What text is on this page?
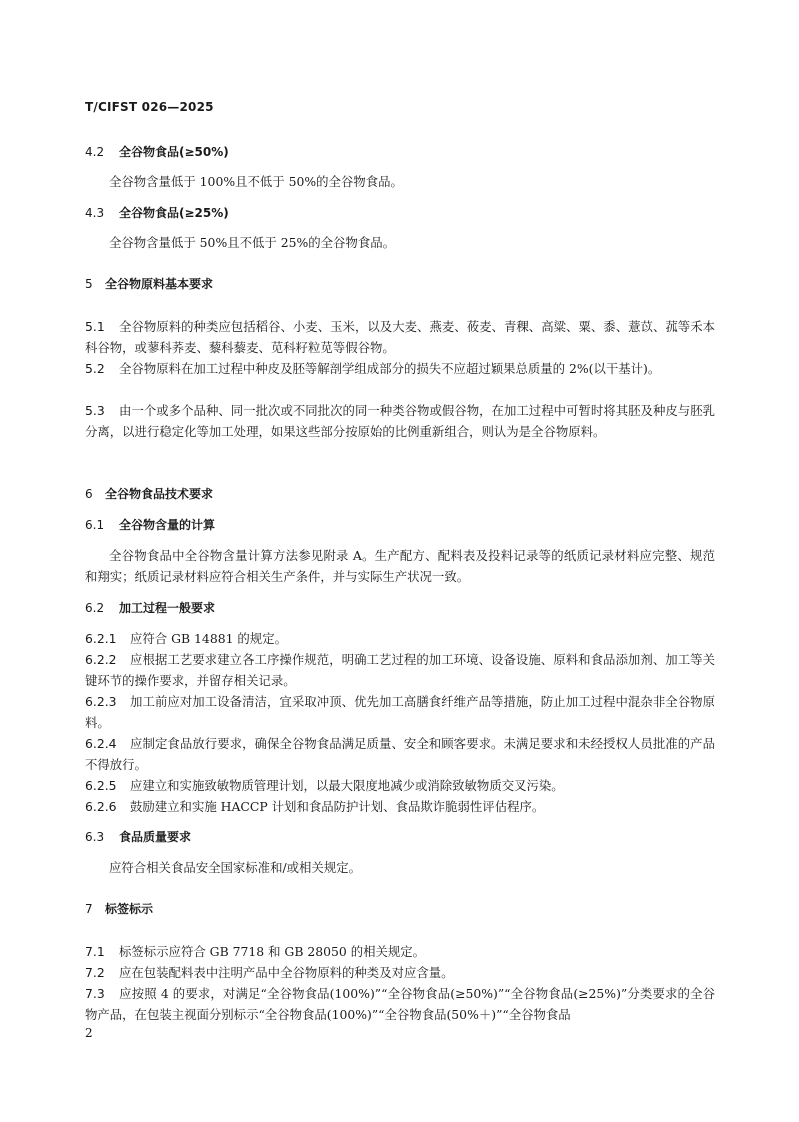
T/CIFST 026—2025
4.2 全谷物食品(≥50%)
全谷物含量低于 100%且不低于 50%的全谷物食品。
4.3 全谷物食品(≥25%)
全谷物含量低于 50%且不低于 25%的全谷物食品。
5 全谷物原料基本要求
5.1 全谷物原料的种类应包括稻谷、小麦、玉米，以及大麦、燕麦、莜麦、青稞、高粱、粟、黍、薏苡、菰等禾本科谷物，或蓼科荞麦、藜科藜麦、苋科籽粒苋等假谷物。
5.2 全谷物原料在加工过程中种皮及胚等解剖学组成部分的损失不应超过颖果总质量的 2%(以干基计)。
5.3 由一个或多个品种、同一批次或不同批次的同一种类谷物或假谷物，在加工过程中可暂时将其胚及种皮与胚乳分离，以进行稳定化等加工处理，如果这些部分按原始的比例重新组合，则认为是全谷物原料。
6 全谷物食品技术要求
6.1 全谷物含量的计算
全谷物食品中全谷物含量计算方法参见附录 A。生产配方、配料表及投料记录等的纸质记录材料应完整、规范和翔实；纸质记录材料应符合相关生产条件，并与实际生产状况一致。
6.2 加工过程一般要求
6.2.1 应符合 GB 14881 的规定。
6.2.2 应根据工艺要求建立各工序操作规范，明确工艺过程的加工环境、设备设施、原料和食品添加剂、加工等关键环节的操作要求，并留存相关记录。
6.2.3 加工前应对加工设备清洁，宜采取冲顶、优先加工高膳食纤维产品等措施，防止加工过程中混杂非全谷物原料。
6.2.4 应制定食品放行要求，确保全谷物食品满足质量、安全和顾客要求。未满足要求和未经授权人员批准的产品不得放行。
6.2.5 应建立和实施致敏物质管理计划，以最大限度地减少或消除致敏物质交叉污染。
6.2.6 鼓励建立和实施 HACCP 计划和食品防护计划、食品欺诈脆弱性评估程序。
6.3 食品质量要求
应符合相关食品安全国家标准和/或相关规定。
7 标签标示
7.1 标签标示应符合 GB 7718 和 GB 28050 的相关规定。
7.2 应在包装配料表中注明产品中全谷物原料的种类及对应含量。
7.3 应按照 4 的要求，对满足“全谷物食品(100%)”“全谷物食品(≥50%)”“全谷物食品(≥25%)”分类要求的全谷物产品，在包装主视面分别标示“全谷物食品(100%)”“全谷物食品(50%＋)”“全谷物食品
2
